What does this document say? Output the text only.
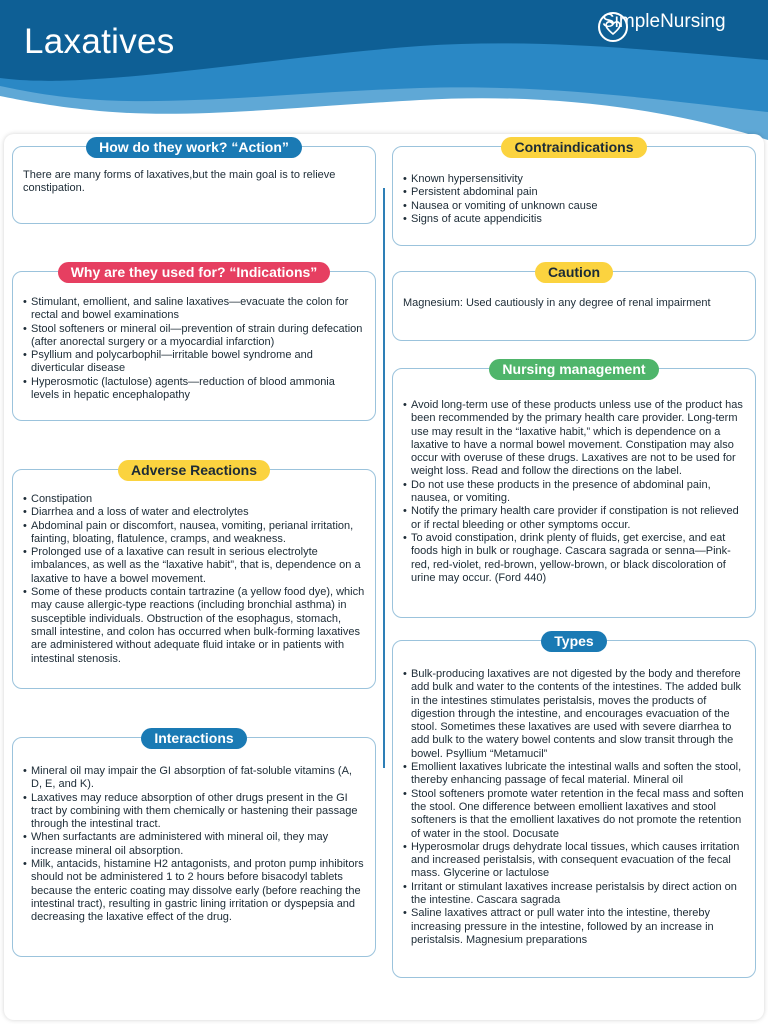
Laxatives
SimpleNursing
How do they work? “Action”

There are many forms of laxatives,but the main goal is to relieve constipation.

Why are they used for? “Indications”
• Stimulant, emollient, and saline laxatives—evacuate the colon for rectal and bowel examinations
• Stool softeners or mineral oil—prevention of strain during defecation (after anorectal surgery or a myocardial infarction)
• Psyllium and polycarbophil—irritable bowel syndrome and diverticular disease
• Hyperosmotic (lactulose) agents—reduction of blood ammonia levels in hepatic encephalopathy
Adverse Reactions
• Constipation
• Diarrhea and a loss of water and electrolytes
• Abdominal pain or discomfort, nausea, vomiting, perianal irritation, fainting, bloating, flatulence, cramps, and weakness.
• Prolonged use of a laxative can result in serious electrolyte imbalances, as well as the “laxative habit”, that is, dependence on a laxative to have a bowel movement.
• Some of these products contain tartrazine (a yellow food dye), which may cause allergic-type reactions (including bronchial asthma) in susceptible individuals. Obstruction of the esophagus, stomach, small intestine, and colon has occurred when bulk-forming laxatives are administered without adequate fluid intake or in patients with intestinal stenosis.
Interactions
• Mineral oil may impair the GI absorption of fat-soluble vitamins (A, D, E, and K).
• Laxatives may reduce absorption of other drugs present in the GI tract by combining with them chemically or hastening their passage through the intestinal tract.
• When surfactants are administered with mineral oil, they may increase mineral oil absorption.
• Milk, antacids, histamine H2 antagonists, and proton pump inhibitors should not be administered 1 to 2 hours before bisacodyl tablets because the enteric coating may dissolve early (before reaching the intestinal tract), resulting in gastric lining irritation or dyspepsia and decreasing the laxative effect of the drug.
Contraindications
• Known hypersensitivity
• Persistent abdominal pain
• Nausea or vomiting of unknown cause
• Signs of acute appendicitis
Caution

Magnesium: Used cautiously in any degree of renal impairment

Nursing management
• Avoid long-term use of these products unless use of the product has been recommended by the primary health care provider. Long-term use may result in the “laxative habit,” which is dependence on a laxative to have a normal bowel movement. Constipation may also occur with overuse of these drugs. Laxatives are not to be used for weight loss. Read and follow the directions on the label.
• Do not use these products in the presence of abdominal pain, nausea, or vomiting.
• Notify the primary health care provider if constipation is not relieved or if rectal bleeding or other symptoms occur.
• To avoid constipation, drink plenty of fluids, get exercise, and eat foods high in bulk or roughage. Cascara sagrada or senna—Pink-red, red-violet, red-brown, yellow-brown, or black discoloration of urine may occur. (Ford 440)
Types
• Bulk-producing laxatives are not digested by the body and therefore add bulk and water to the contents of the intestines. The added bulk in the intestines stimulates peristalsis, moves the products of digestion through the intestine, and encourages evacuation of the stool. Sometimes these laxatives are used with severe diarrhea to add bulk to the watery bowel contents and slow transit through the bowel. Psyllium “Metamucil”
• Emollient laxatives lubricate the intestinal walls and soften the stool, thereby enhancing passage of fecal material. Mineral oil
• Stool softeners promote water retention in the fecal mass and soften the stool. One difference between emollient laxatives and stool softeners is that the emollient laxatives do not promote the retention of water in the stool. Docusate
• Hyperosmolar drugs dehydrate local tissues, which causes irritation and increased peristalsis, with consequent evacuation of the fecal mass. Glycerine or lactulose
• Irritant or stimulant laxatives increase peristalsis by direct action on the intestine. Cascara sagrada
• Saline laxatives attract or pull water into the intestine, thereby increasing pressure in the intestine, followed by an increase in peristalsis. Magnesium preparations
